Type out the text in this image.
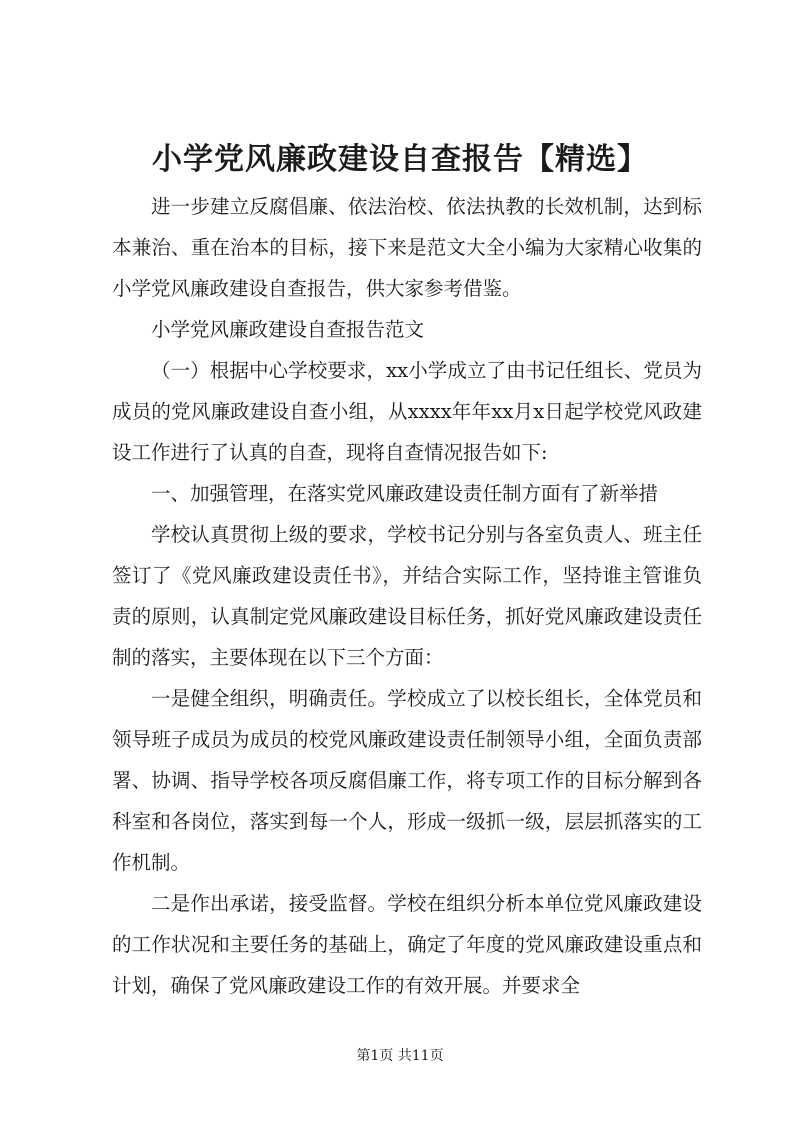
小学党风廉政建设自查报告【精选】

进一步建立反腐倡廉、依法治校、依法执教的长效机制，达到标本兼治、重在治本的目标，接下来是范文大全小编为大家精心收集的小学党风廉政建设自查报告，供大家参考借鉴。

小学党风廉政建设自查报告范文

（一）根据中心学校要求，xx小学成立了由书记任组长、党员为成员的党风廉政建设自查小组，从xxxx年年xx月x日起学校党风政建设工作进行了认真的自查，现将自查情况报告如下:

一、加强管理，在落实党风廉政建设责任制方面有了新举措

学校认真贯彻上级的要求，学校书记分别与各室负责人、班主任签订了《党风廉政建设责任书》，并结合实际工作，坚持谁主管谁负责的原则，认真制定党风廉政建设目标任务，抓好党风廉政建设责任制的落实，主要体现在以下三个方面：

一是健全组织，明确责任。学校成立了以校长组长，全体党员和领导班子成员为成员的校党风廉政建设责任制领导小组，全面负责部署、协调、指导学校各项反腐倡廉工作，将专项工作的目标分解到各科室和各岗位，落实到每一个人，形成一级抓一级，层层抓落实的工作机制。

二是作出承诺，接受监督。学校在组织分析本单位党风廉政建设的工作状况和主要任务的基础上，确定了年度的党风廉政建设重点和计划，确保了党风廉政建设工作的有效开展。并要求全

第1页 共11页
